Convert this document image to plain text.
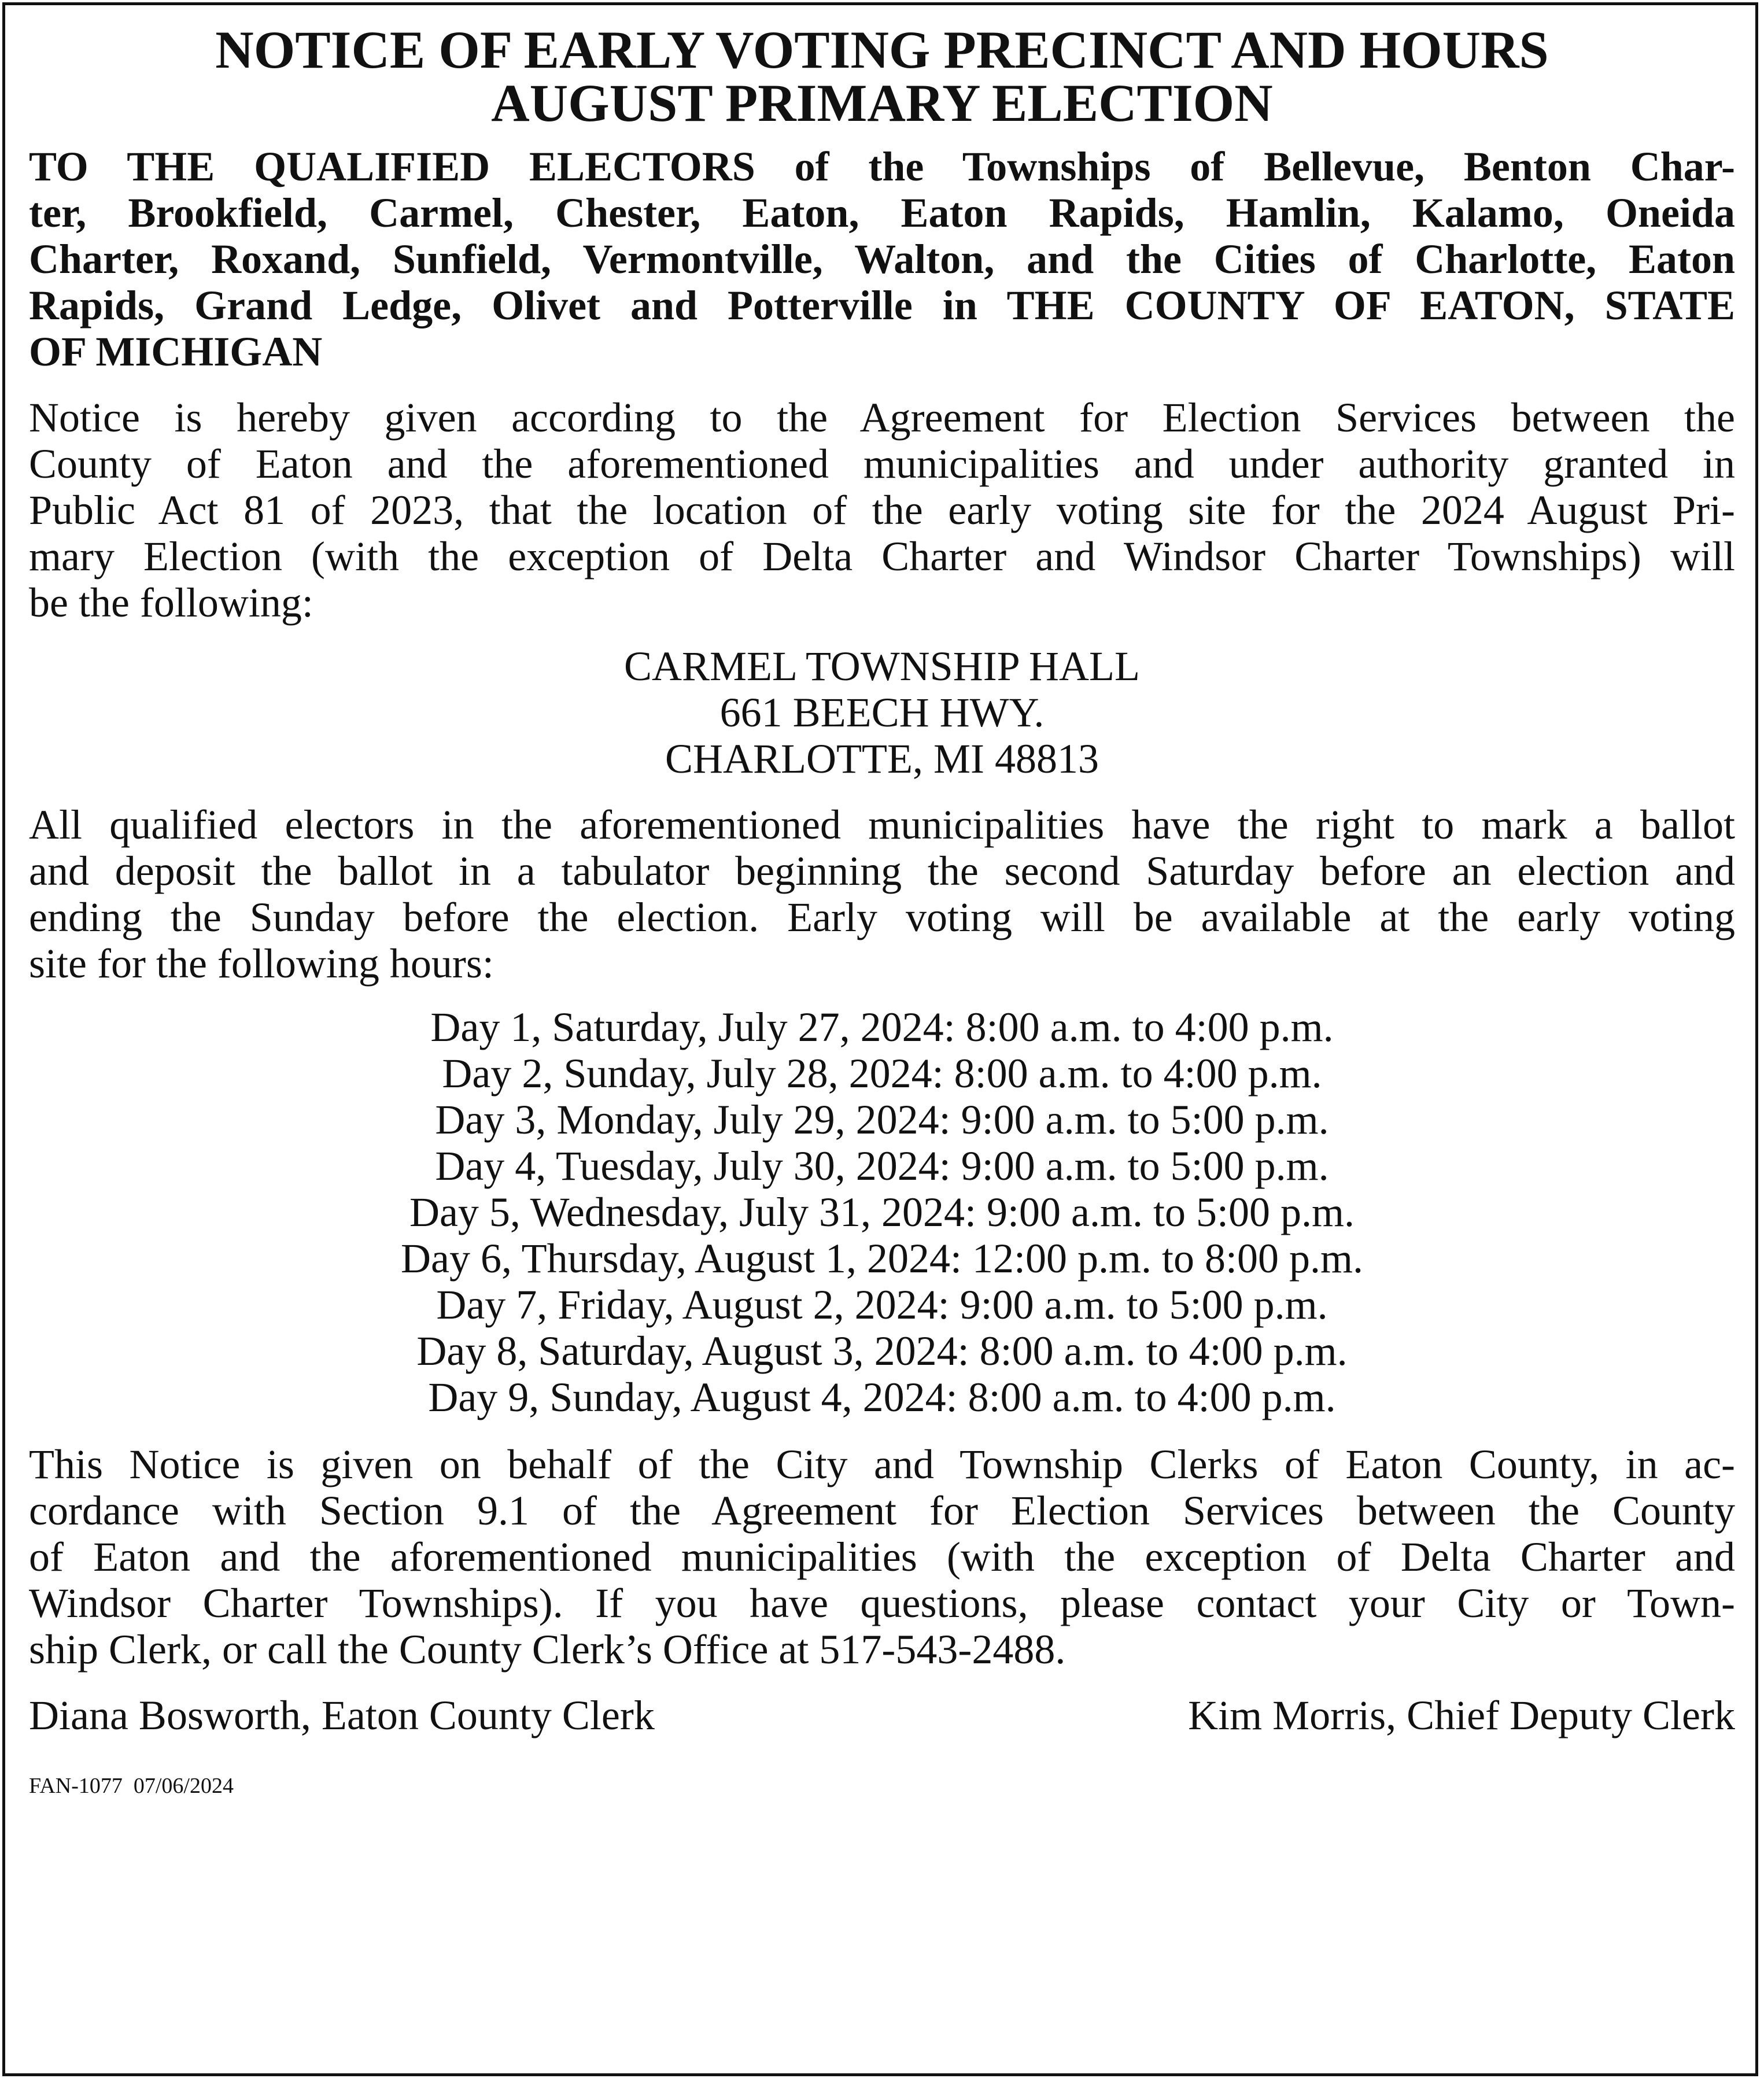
NOTICE OF EARLY VOTING PRECINCT AND HOURS
AUGUST PRIMARY ELECTION

TO THE QUALIFIED ELECTORS of the Townships of Bellevue, Benton Char-
ter, Brookfield, Carmel, Chester, Eaton, Eaton Rapids, Hamlin, Kalamo, Oneida
Charter, Roxand, Sunfield, Vermontville, Walton, and the Cities of Charlotte, Eaton
Rapids, Grand Ledge, Olivet and Potterville in THE COUNTY OF EATON, STATE
OF MICHIGAN

Notice is hereby given according to the Agreement for Election Services between the
County of Eaton and the aforementioned municipalities and under authority granted in
Public Act 81 of 2023, that the location of the early voting site for the 2024 August Pri-
mary Election (with the exception of Delta Charter and Windsor Charter Townships) will
be the following:

CARMEL TOWNSHIP HALL
661 BEECH HWY.
CHARLOTTE, MI 48813

All qualified electors in the aforementioned municipalities have the right to mark a ballot
and deposit the ballot in a tabulator beginning the second Saturday before an election and
ending the Sunday before the election. Early voting will be available at the early voting
site for the following hours:

Day 1, Saturday, July 27, 2024: 8:00 a.m. to 4:00 p.m.
Day 2, Sunday, July 28, 2024: 8:00 a.m. to 4:00 p.m.
Day 3, Monday, July 29, 2024: 9:00 a.m. to 5:00 p.m.
Day 4, Tuesday, July 30, 2024: 9:00 a.m. to 5:00 p.m.
Day 5, Wednesday, July 31, 2024: 9:00 a.m. to 5:00 p.m.
Day 6, Thursday, August 1, 2024: 12:00 p.m. to 8:00 p.m.
Day 7, Friday, August 2, 2024: 9:00 a.m. to 5:00 p.m.
Day 8, Saturday, August 3, 2024: 8:00 a.m. to 4:00 p.m.
Day 9, Sunday, August 4, 2024: 8:00 a.m. to 4:00 p.m.

This Notice is given on behalf of the City and Township Clerks of Eaton County, in ac-
cordance with Section 9.1 of the Agreement for Election Services between the County
of Eaton and the aforementioned municipalities (with the exception of Delta Charter and
Windsor Charter Townships). If you have questions, please contact your City or Town-
ship Clerk, or call the County Clerk’s Office at 517-543-2488.

Diana Bosworth, Eaton County Clerk	Kim Morris, Chief Deputy Clerk
FAN-1077  07/06/2024
